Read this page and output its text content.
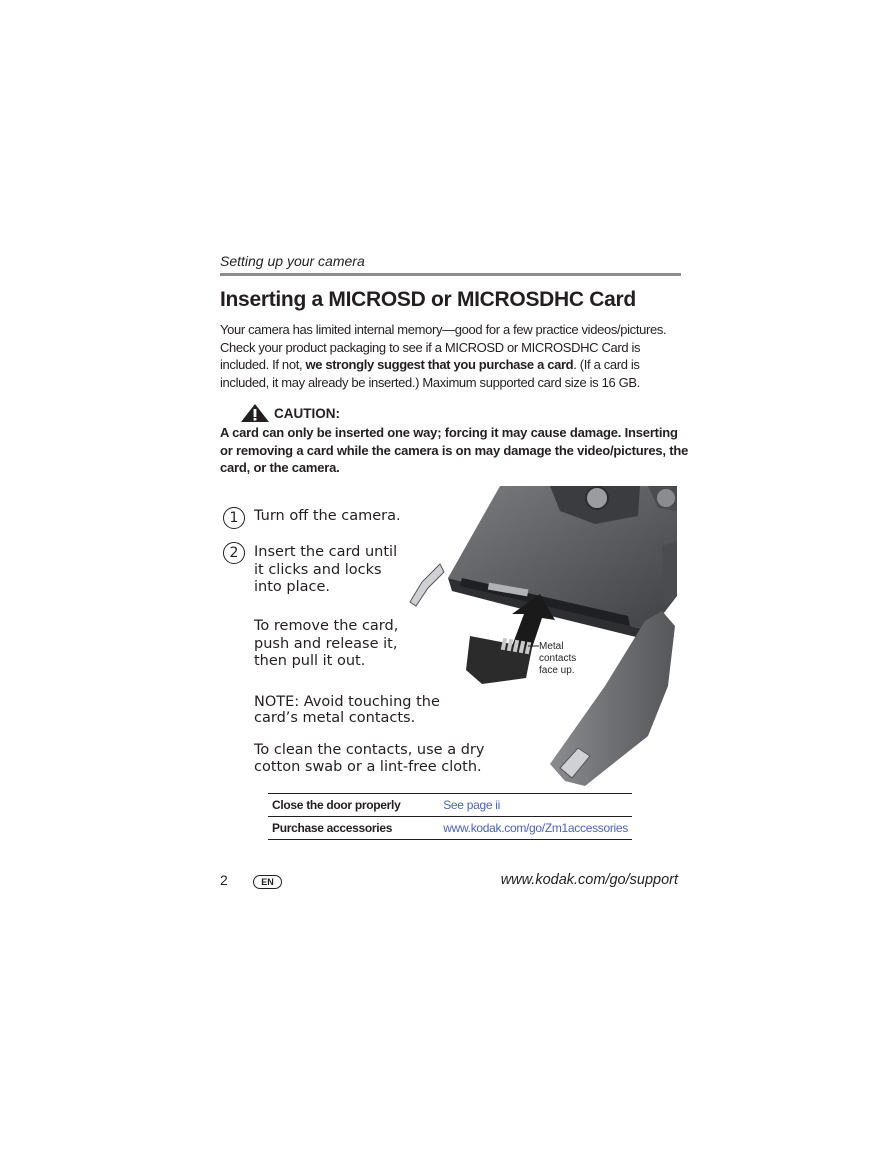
Setting up your camera
Inserting a MICROSD or MICROSDHC Card
Your camera has limited internal memory—good for a few practice videos/pictures. Check your product packaging to see if a MICROSD or MICROSDHC Card is included. If not, we strongly suggest that you purchase a card. (If a card is included, it may already be inserted.) Maximum supported card size is 16 GB.
CAUTION:
A card can only be inserted one way; forcing it may cause damage. Inserting or removing a card while the camera is on may damage the video/pictures, the card, or the camera.
1	Turn off the camera.
2	Insert the card until
it clicks and locks
into place.
To remove the card,
push and release it,
then pull it out.
NOTE: Avoid touching the
card’s metal contacts.
To clean the contacts, use a dry
cotton swab or a lint-free cloth.
Metal
contacts
face up.
Close the door properly	See page ii
Purchase accessories	www.kodak.com/go/Zm1accessories
2	EN	www.kodak.com/go/support
